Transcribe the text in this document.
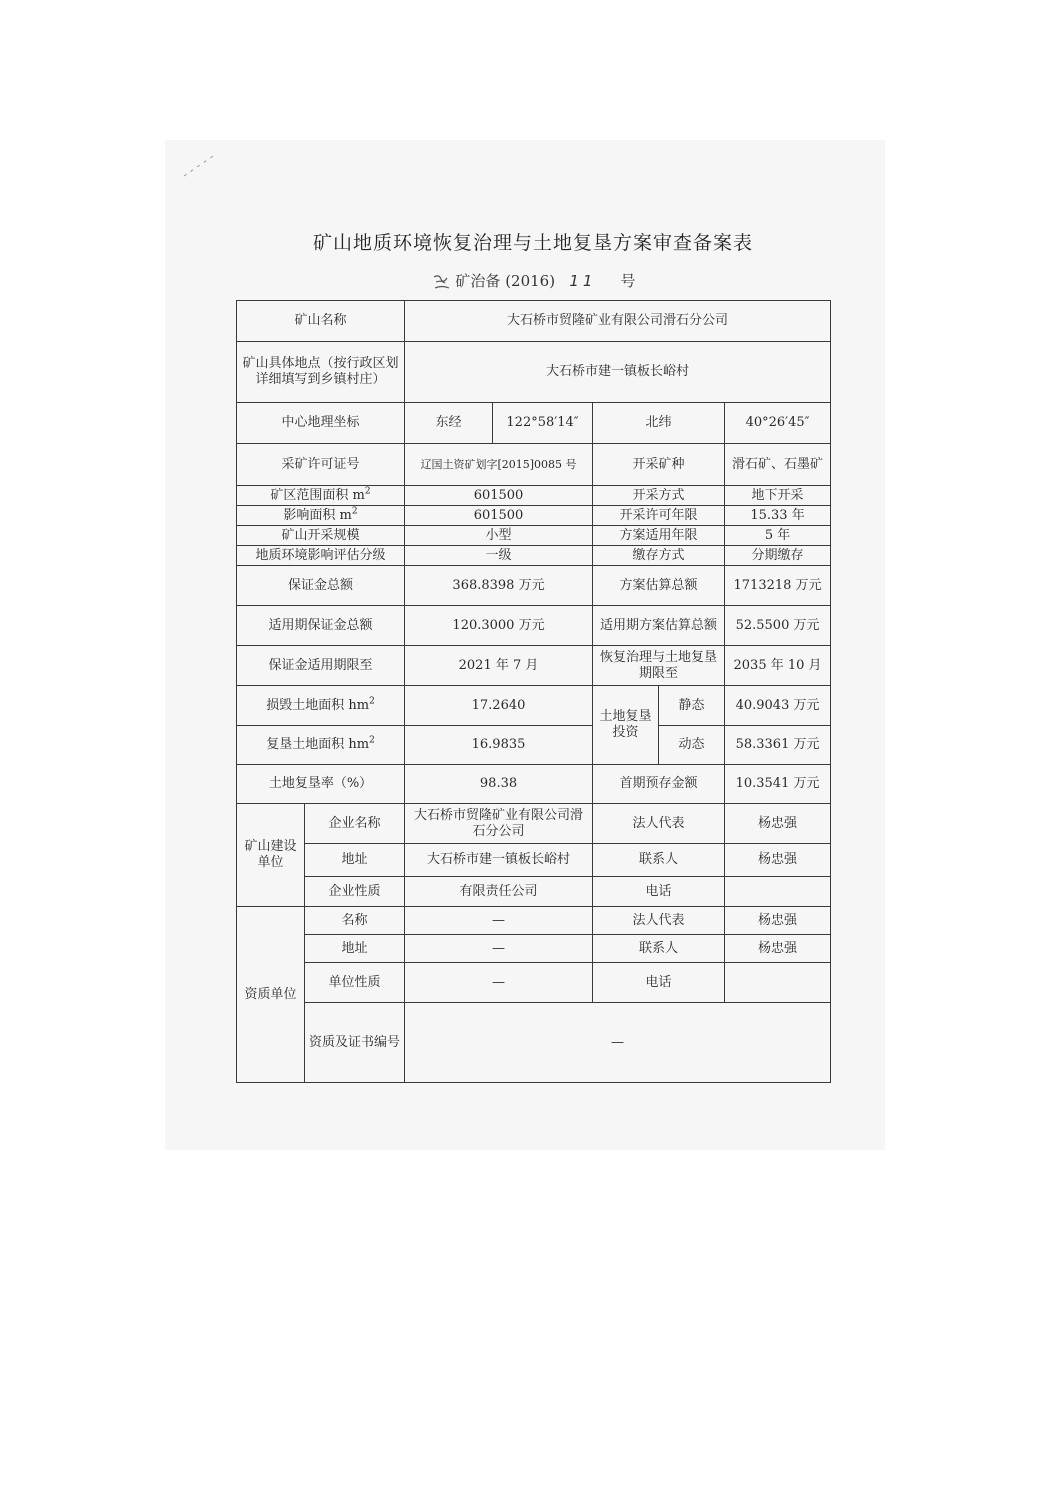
矿山地质环境恢复治理与土地复垦方案审查备案表
矿治备 (2016) 11 号
矿山名称		大石桥市贸隆矿业有限公司滑石分公司				
矿山具体地点（按行政区划详细填写到乡镇村庄）		大石桥市建一镇板长峪村				
中心地理坐标		东经	122°58′14″	北纬		40°26′45″
采矿许可证号		辽国土资矿划字[2015]0085 号		开采矿种		滑石矿、石墨矿
矿区范围面积 $m^2$		601500		开采方式		地下开采
影响面积 $m^2$		601500		开采许可年限		15.33 年
矿山开采规模		小型		方案适用年限		5 年
地质环境影响评估分级		一级		缴存方式		分期缴存
保证金总额		368.8398 万元		方案估算总额		1713218 万元
适用期保证金总额		120.3000 万元		适用期方案估算总额		52.5500 万元
保证金适用期限至		2021 年 7 月		恢复治理与土地复垦期限至		2035 年 10 月
损毁土地面积 $hm^2$		17.2640		土地复垦投资	静态	40.9043 万元
复垦土地面积 $hm^2$		16.9835			动态	58.3361 万元
土地复垦率（%）		98.38		首期预存金额		10.3541 万元
矿山建设单位	企业名称	大石桥市贸隆矿业有限公司滑石分公司		法人代表		杨忠强
	地址	大石桥市建一镇板长峪村		联系人		杨忠强
	企业性质	有限责任公司		电话		
资质单位	名称	—		法人代表		杨忠强
	地址	—		联系人		杨忠强
	单位性质	—		电话		
	资质及证书编号	—				
